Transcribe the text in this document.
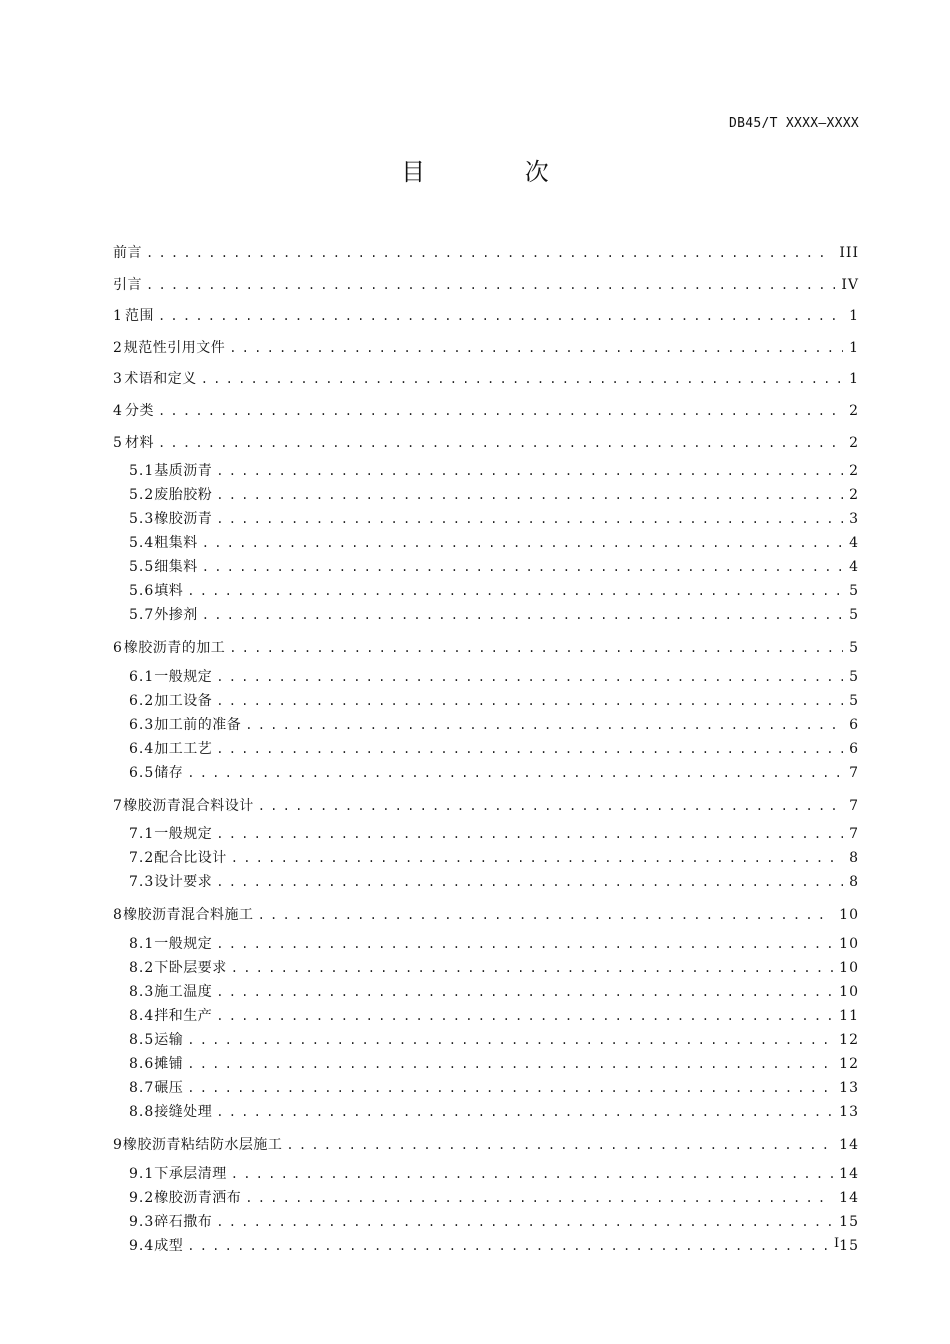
DB45/T XXXX—XXXX
目 次
前言 . . .	III
引言 . . .	IV
1 范围 . . .	1
2 规范性引用文件 . . .	1
3 术语和定义 . . .	1
4 分类 . . .	2
5 材料 . . .	2
5.1 基质沥青 . . .	2
5.2 废胎胶粉 . . .	2
5.3 橡胶沥青 . . .	3
5.4 粗集料 . . .	4
5.5 细集料 . . .	4
5.6 填料 . . .	5
5.7 外掺剂 . . .	5
6 橡胶沥青的加工 . . .	5
6.1 一般规定 . . .	5
6.2 加工设备 . . .	5
6.3 加工前的准备 . . .	6
6.4 加工工艺 . . .	6
6.5 储存 . . .	7
7 橡胶沥青混合料设计 . . .	7
7.1 一般规定 . . .	7
7.2 配合比设计 . . .	8
7.3 设计要求 . . .	8
8 橡胶沥青混合料施工 . . .	10
8.1 一般规定 . . .	10
8.2 下卧层要求 . . .	10
8.3 施工温度 . . .	10
8.4 拌和生产 . . .	11
8.5 运输 . . .	12
8.6 摊铺 . . .	12
8.7 碾压 . . .	13
8.8 接缝处理 . . .	13
9 橡胶沥青粘结防水层施工 . . .	14
9.1 下承层清理 . . .	14
9.2 橡胶沥青洒布 . . .	14
9.3 碎石撒布 . . .	15
9.4 成型 . . .	15
I
